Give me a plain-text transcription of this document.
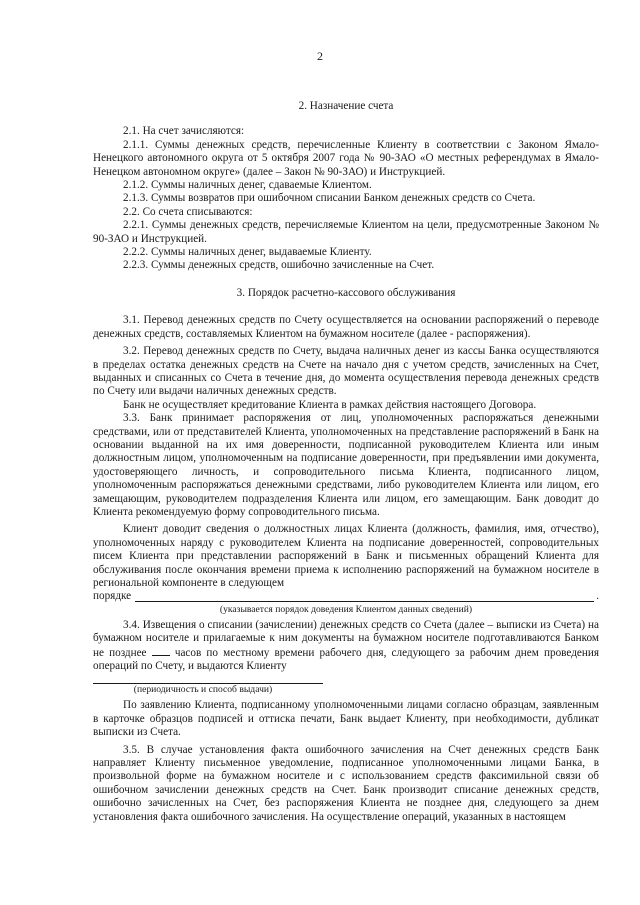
2

2. Назначение счета

2.1. На счет зачисляются:

2.1.1. Суммы денежных средств, перечисленные Клиенту в соответствии с Законом Ямало-Ненецкого автономного округа от 5 октября 2007 года № 90-ЗАО «О местных референдумах в Ямало-Ненецком автономном округе» (далее – Закон № 90-ЗАО) и Инструкцией.

2.1.2. Суммы наличных денег, сдаваемые Клиентом.

2.1.3. Суммы возвратов при ошибочном списании Банком денежных средств со Счета.

2.2. Со счета списываются:

2.2.1. Суммы денежных средств, перечисляемые Клиентом на цели, предусмотренные Законом № 90-ЗАО и Инструкцией.

2.2.2. Суммы наличных денег, выдаваемые Клиенту.

2.2.3. Суммы денежных средств, ошибочно зачисленные на Счет.

3. Порядок расчетно-кассового обслуживания

3.1. Перевод денежных средств по Счету осуществляется на основании распоряжений о переводе денежных средств, составляемых Клиентом на бумажном носителе (далее - распоряжения).

3.2. Перевод денежных средств по Счету, выдача наличных денег из кассы Банка осуществляются в пределах остатка денежных средств на Счете на начало дня с учетом средств, зачисленных на Счет, выданных и списанных со Счета в течение дня, до момента осуществления перевода денежных средств по Счету или выдачи наличных денежных средств.

Банк не осуществляет кредитование Клиента в рамках действия настоящего Договора.

3.3. Банк принимает распоряжения от лиц, уполномоченных распоряжаться денежными средствами, или от представителей Клиента, уполномоченных на представление распоряжений в Банк на основании выданной на их имя доверенности, подписанной руководителем Клиента или иным должностным лицом, уполномоченным на подписание доверенности, при предъявлении ими документа, удостоверяющего личность, и сопроводительного письма Клиента, подписанного лицом, уполномоченным распоряжаться денежными средствами, либо руководителем Клиента или лицом, его замещающим, руководителем подразделения Клиента или лицом, его замещающим. Банк доводит до Клиента рекомендуемую форму сопроводительного письма.

Клиент доводит сведения о должностных лицах Клиента (должность, фамилия, имя, отчество), уполномоченных наряду с руководителем Клиента на подписание доверенностей, сопроводительных писем Клиента при представлении распоряжений в Банк и письменных обращений Клиента для обслуживания после окончания времени приема к исполнению распоряжений на бумажном носителе в региональной компоненте в следующем

порядке	.
(указывается порядок доведения Клиентом данных сведений)

3.4. Извещения о списании (зачислении) денежных средств со Счета (далее – выписки из Счета) на бумажном носителе и прилагаемые к ним документы на бумажном носителе подготавливаются Банком не позднее	часов по местному времени рабочего дня, следующего за рабочим днем проведения операций по Счету, и выдаются Клиенту

(периодичность и способ выдачи)

По заявлению Клиента, подписанному уполномоченными лицами согласно образцам, заявленным в карточке образцов подписей и оттиска печати, Банк выдает Клиенту, при необходимости, дубликат выписки из Счета.

3.5. В случае установления факта ошибочного зачисления на Счет денежных средств Банк направляет Клиенту письменное уведомление, подписанное уполномоченными лицами Банка, в произвольной форме на бумажном носителе и с использованием средств факсимильной связи об ошибочном зачислении денежных средств на Счет. Банк производит списание денежных средств, ошибочно зачисленных на Счет, без распоряжения Клиента не позднее дня, следующего за днем установления факта ошибочного зачисления. На осуществление операций, указанных в настоящем
